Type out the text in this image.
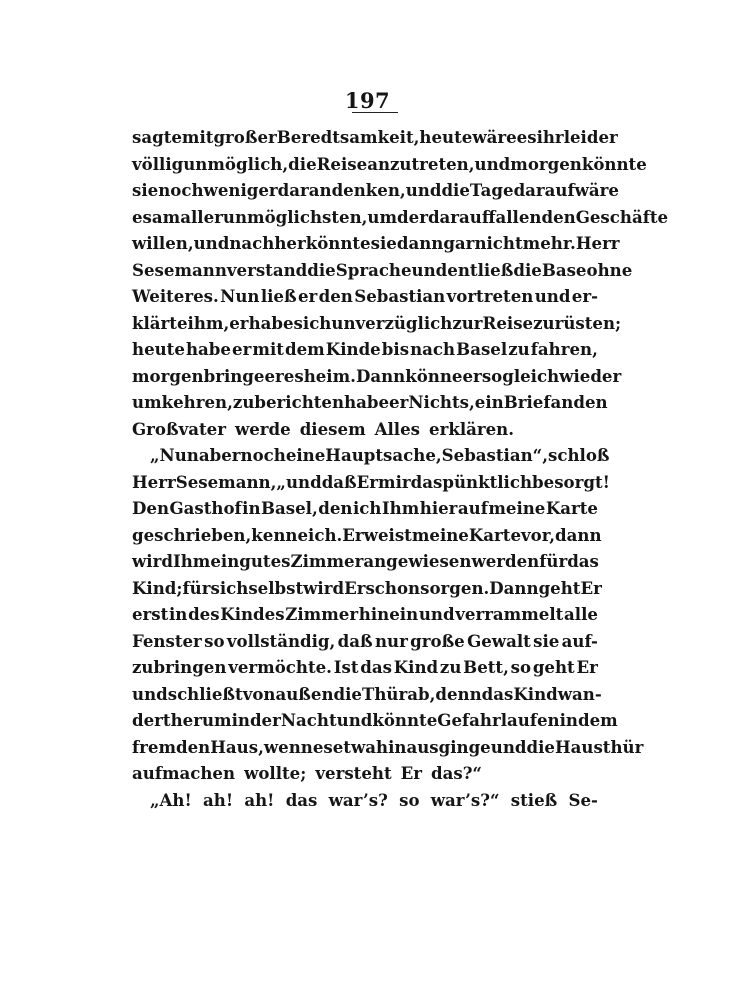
197
sagte mit großer Beredtsamkeit, heute wäre es ihr leider
völlig unmöglich, die Reise anzutreten, und morgen könnte
sie noch weniger daran denken, und die Tage darauf wäre
es am allerunmöglichsten, um der darauffallenden Geschäfte
willen, und nachher könnte sie dann gar nicht mehr. Herr
Sesemann verstand die Sprache und entließ die Base ohne
Weiteres. Nun ließ er den Sebastian vortreten und er-
klärte ihm, er habe sich unverzüglich zur Reise zu rüsten;
heute habe er mit dem Kinde bis nach Basel zu fahren,
morgen bringe er es heim. Dann könne er sogleich wieder
umkehren, zu berichten habe er Nichts, ein Brief an den
Großvater werde diesem Alles erklären.
„Nun aber noch eine Hauptsache, Sebastian“, schloß
Herr Sesemann, „und daß Er mir das pünktlich besorgt!
Den Gasthof in Basel, den ich Ihm hier auf meine Karte
geschrieben, kenne ich. Er weist meine Karte vor, dann
wird Ihm ein gutes Zimmer angewiesen werden für das
Kind; für sich selbst wird Er schon sorgen. Dann geht Er
erst in des Kindes Zimmer hinein und verrammelt alle
Fenster so vollständig, daß nur große Gewalt sie auf-
zubringen vermöchte. Ist das Kind zu Bett, so geht Er
und schließt von außen die Thür ab, denn das Kind wan-
dert herum in der Nacht und könnte Gefahr laufen in dem
fremden Haus, wenn es etwa hinausginge und die Hausthür
aufmachen wollte; versteht Er das?“
„Ah! ah! ah! das war’s? so war’s?“ stieß Se-
